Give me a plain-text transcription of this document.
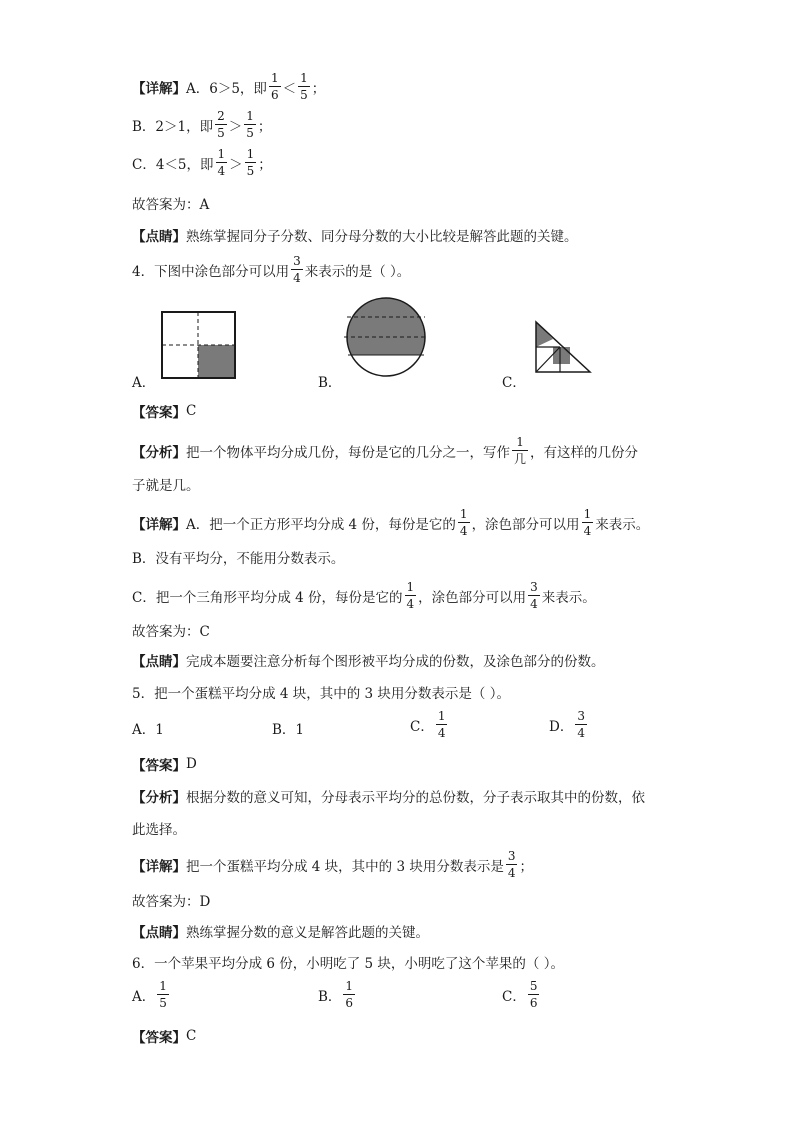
【详解】 A．6＞5，即 $\frac{1}{6} < \frac{1}{5}$ ；
B．2＞1，即 $\frac{2}{5} > \frac{1}{5}$ ；
C．4＜5，即 $\frac{1}{4} > \frac{1}{5}$ ；
故答案为：A
【点睛】 熟练掌握同分子分数、同分母分数的大小比较是解答此题的关键。
4．下图中涂色部分可以用 $\frac{3}{4}$ 来表示的是（ ）。
A．	B．	C．
【答案】 C
【分析】 把一个物体平均分成几份，每份是它的几分之一，写作 $\frac{1}{\text{几}}$ ，有这样的几份分
子就是几。
【详解】 A．把一个正方形平均分成 4 份，每份是它的 $\frac{1}{4}$ ，涂色部分可以用 $\frac{1}{4}$ 来表示。
B．没有平均分，不能用分数表示。
C．把一个三角形平均分成 4 份，每份是它的 $\frac{1}{4}$ ，涂色部分可以用 $\frac{3}{4}$ 来表示。
故答案为：C
【点睛】 完成本题要注意分析每个图形被平均分成的份数，及涂色部分的份数。
5．把一个蛋糕平均分成 4 块，其中的 3 块用分数表示是（ ）。
A．1	B．1	C． $\frac{1}{4}$	D． $\frac{3}{4}$
【答案】 D
【分析】 根据分数的意义可知，分母表示平均分的总份数，分子表示取其中的份数，依
此选择。
【详解】 把一个蛋糕平均分成 4 块，其中的 3 块用分数表示是 $\frac{3}{4}$ ；
故答案为：D
【点睛】 熟练掌握分数的意义是解答此题的关键。
6．一个苹果平均分成 6 份，小明吃了 5 块，小明吃了这个苹果的（ ）。
A． $\frac{1}{5}$	B． $\frac{1}{6}$	C． $\frac{5}{6}$
【答案】 C
